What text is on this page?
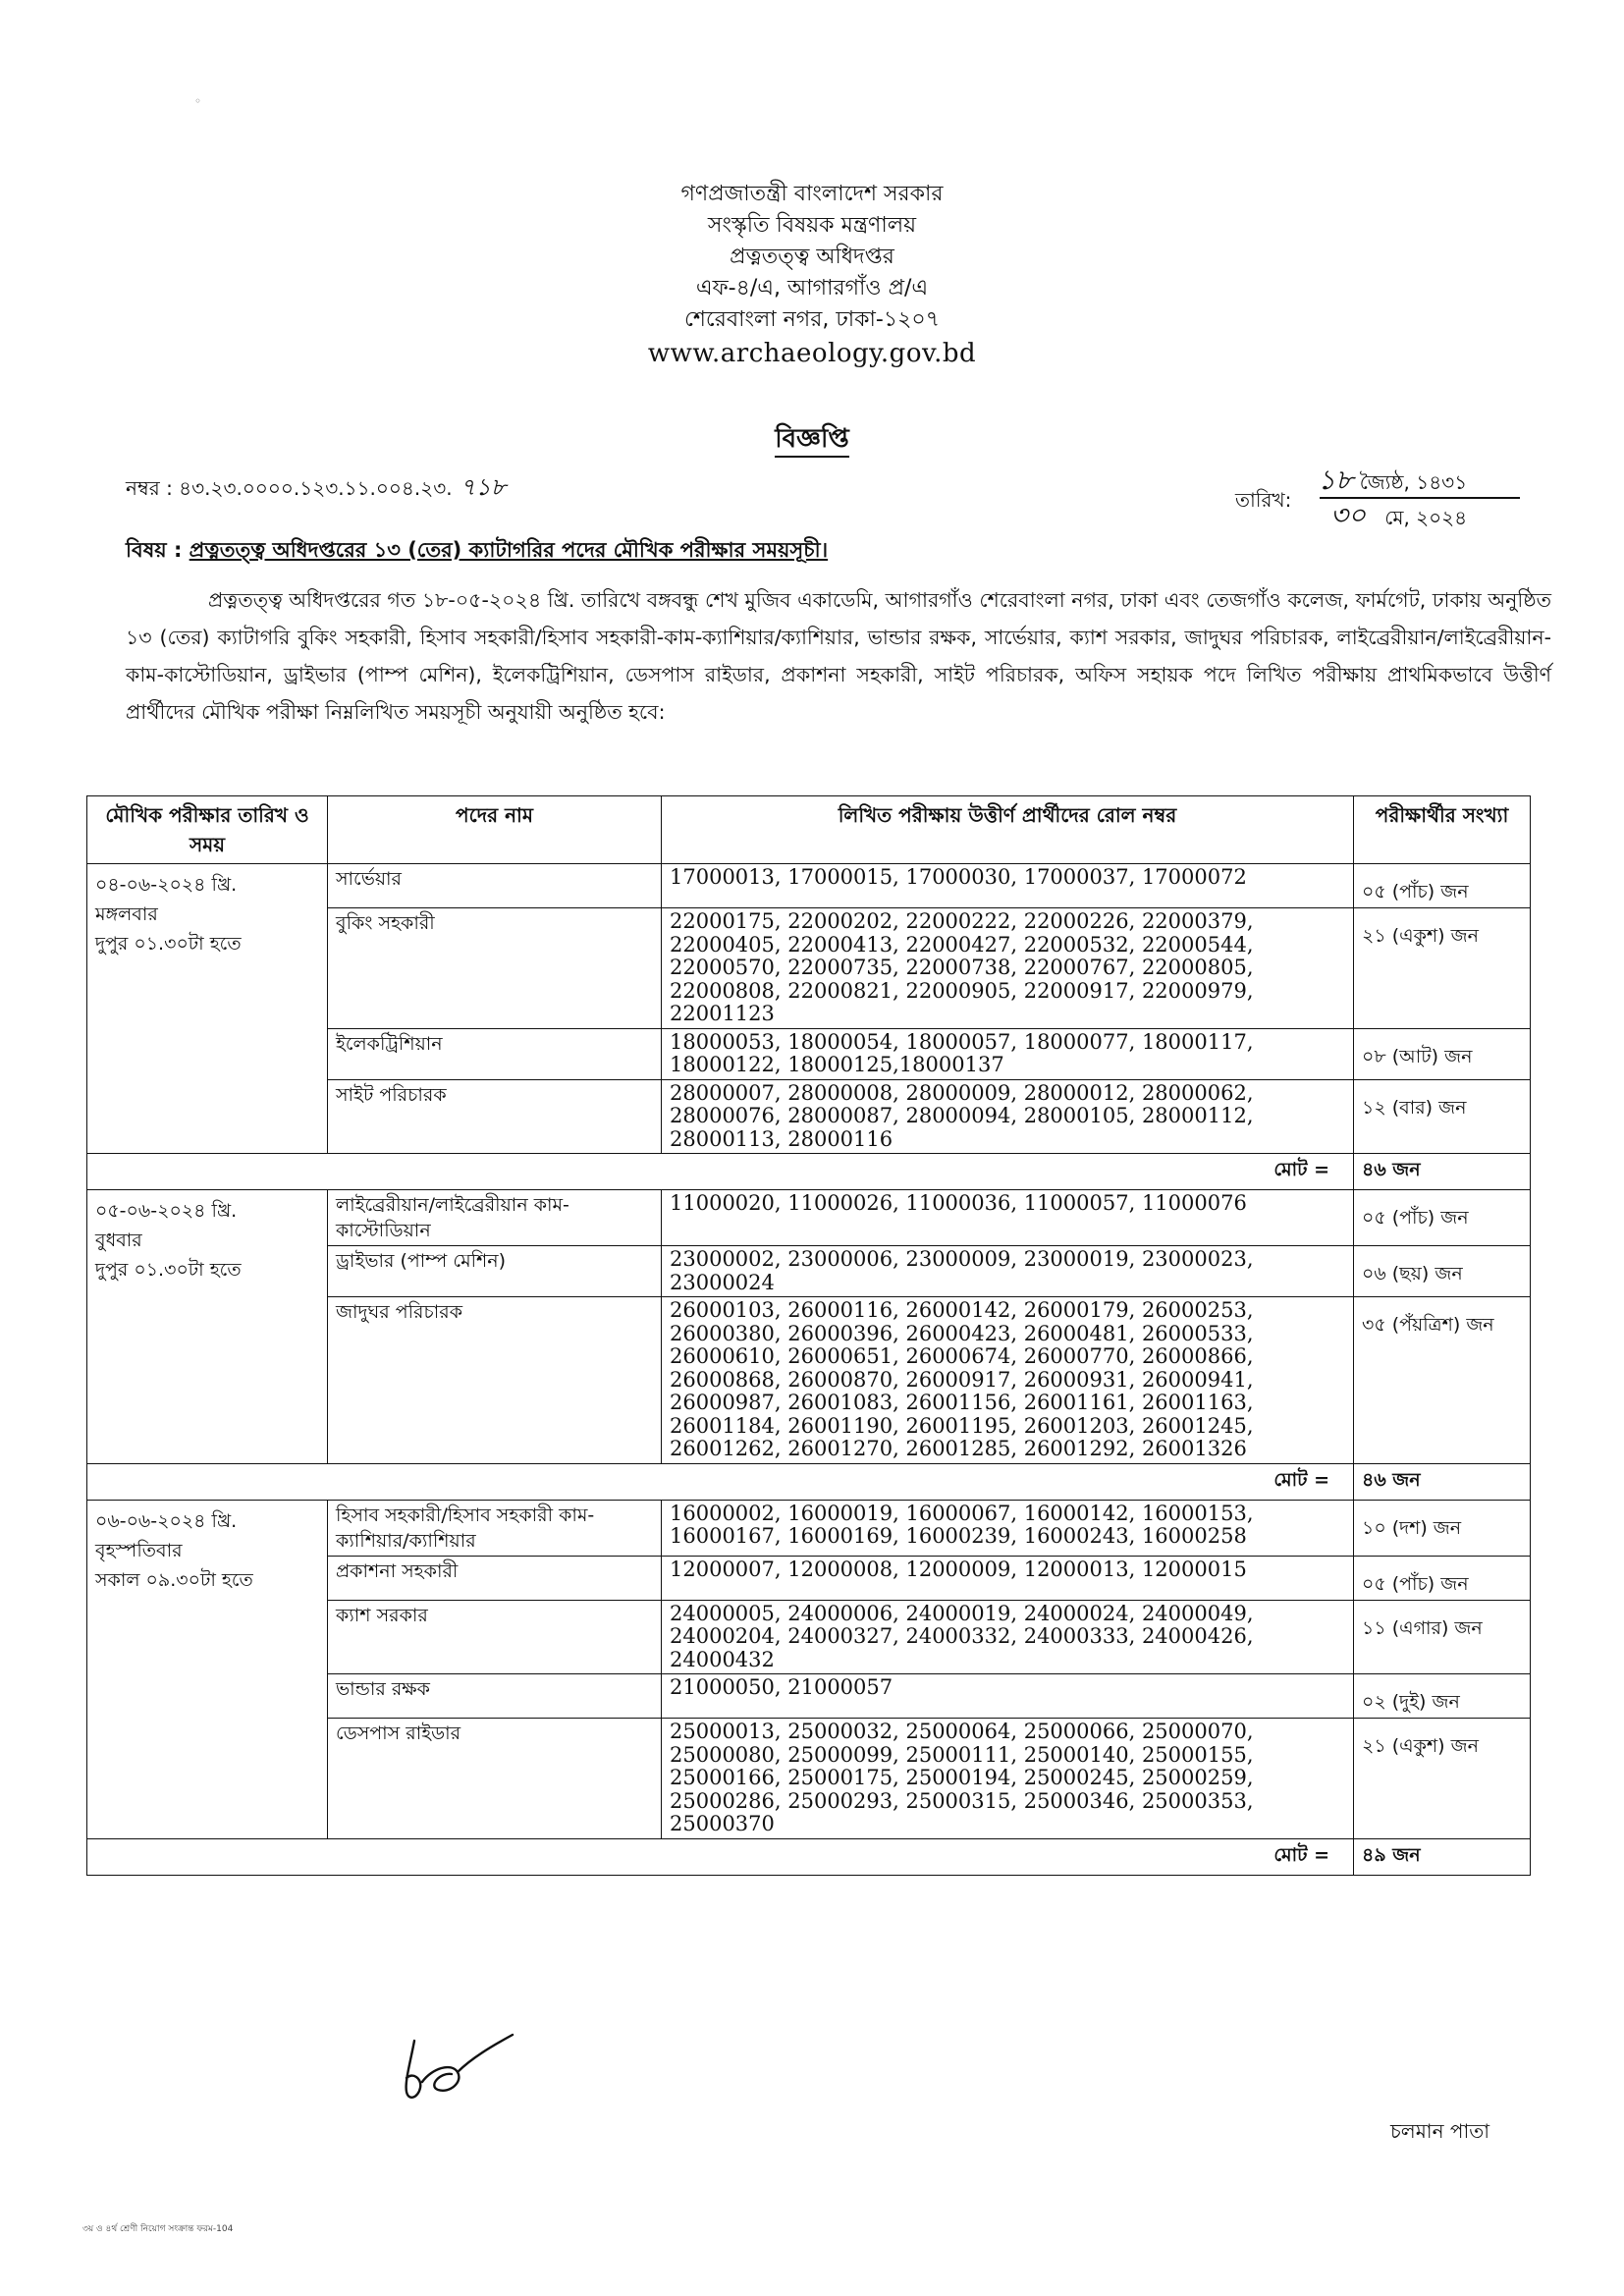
◦
গণপ্রজাতন্ত্রী বাংলাদেশ সরকার
সংস্কৃতি বিষয়ক মন্ত্রণালয়
প্রত্নতত্ত্ব অধিদপ্তর
এফ-৪/এ, আগারগাঁও প্র/এ
শেরেবাংলা নগর, ঢাকা-১২০৭
www.archaeology.gov.bd
বিজ্ঞপ্তি
নম্বর : ৪৩.২৩.০০০০.১২৩.১১.০০৪.২৩. ৭১৮	তারিখ:
১৮ জ্যৈষ্ঠ, ১৪৩১
৩০ মে, ২০২৪
বিষয় : প্রত্নতত্ত্ব অধিদপ্তরের ১৩ (তের) ক্যাটাগরির পদের মৌখিক পরীক্ষার সময়সূচী।
প্রত্নতত্ত্ব অধিদপ্তরের গত ১৮-০৫-২০২৪ খ্রি. তারিখে বঙ্গবন্ধু শেখ মুজিব একাডেমি, আগারগাঁও শেরেবাংলা নগর, ঢাকা এবং তেজগাঁও কলেজ, ফার্মগেট, ঢাকায় অনুষ্ঠিত ১৩ (তের) ক্যাটাগরি বুকিং সহকারী, হিসাব সহকারী/হিসাব সহকারী-কাম-ক্যাশিয়ার/ক্যাশিয়ার, ভান্ডার রক্ষক, সার্ভেয়ার, ক্যাশ সরকার, জাদুঘর পরিচারক, লাইব্রেরীয়ান/লাইব্রেরীয়ান-কাম-কাস্টোডিয়ান, ড্রাইভার (পাম্প মেশিন), ইলেকট্রিশিয়ান, ডেসপাস রাইডার, প্রকাশনা সহকারী, সাইট পরিচারক, অফিস সহায়ক পদে লিখিত পরীক্ষায় প্রাথমিকভাবে উত্তীর্ণ প্রার্থীদের মৌখিক পরীক্ষা নিম্নলিখিত সময়সূচী অনুযায়ী অনুষ্ঠিত হবে:
মৌখিক পরীক্ষার তারিখ ও সময়	পদের নাম	লিখিত পরীক্ষায় উত্তীর্ণ প্রার্থীদের রোল নম্বর	পরীক্ষার্থীর সংখ্যা

০৪-০৬-২০২৪ খ্রি.
মঙ্গলবার
দুপুর ০১.৩০টা হতে	সার্ভেয়ার	17000013, 17000015, 17000030, 17000037, 17000072	০৫ (পাঁচ) জন
	বুকিং সহকারী	22000175, 22000202, 22000222, 22000226, 22000379, 22000405, 22000413, 22000427, 22000532, 22000544, 22000570, 22000735, 22000738, 22000767, 22000805, 22000808, 22000821, 22000905, 22000917, 22000979, 22001123	২১ (একুশ) জন
	ইলেকট্রিশিয়ান	18000053, 18000054, 18000057, 18000077, 18000117, 18000122, 18000125,18000137	০৮ (আট) জন
	সাইট পরিচারক	28000007, 28000008, 28000009, 28000012, 28000062, 28000076, 28000087, 28000094, 28000105, 28000112, 28000113, 28000116	১২ (বার) জন
		মোট =	৪৬ জন

০৫-০৬-২০২৪ খ্রি.
বুধবার
দুপুর ০১.৩০টা হতে	লাইব্রেরীয়ান/লাইব্রেরীয়ান কাম-কাস্টোডিয়ান	11000020, 11000026, 11000036, 11000057, 11000076	০৫ (পাঁচ) জন
	ড্রাইভার (পাম্প মেশিন)	23000002, 23000006, 23000009, 23000019, 23000023, 23000024	০৬ (ছয়) জন
	জাদুঘর পরিচারক	26000103, 26000116, 26000142, 26000179, 26000253, 26000380, 26000396, 26000423, 26000481, 26000533, 26000610, 26000651, 26000674, 26000770, 26000866, 26000868, 26000870, 26000917, 26000931, 26000941, 26000987, 26001083, 26001156, 26001161, 26001163, 26001184, 26001190, 26001195, 26001203, 26001245, 26001262, 26001270, 26001285, 26001292, 26001326	৩৫ (পঁয়ত্রিশ) জন
		মোট =	৪৬ জন

০৬-০৬-২০২৪ খ্রি.
বৃহস্পতিবার
সকাল ০৯.৩০টা হতে	হিসাব সহকারী/হিসাব সহকারী কাম-ক্যাশিয়ার/ক্যাশিয়ার	16000002, 16000019, 16000067, 16000142, 16000153, 16000167, 16000169, 16000239, 16000243, 16000258	১০ (দশ) জন
	প্রকাশনা সহকারী	12000007, 12000008, 12000009, 12000013, 12000015	০৫ (পাঁচ) জন
	ক্যাশ সরকার	24000005, 24000006, 24000019, 24000024, 24000049, 24000204, 24000327, 24000332, 24000333, 24000426, 24000432	১১ (এগার) জন
	ভান্ডার রক্ষক	21000050, 21000057	০২ (দুই) জন
	ডেসপাস রাইডার	25000013, 25000032, 25000064, 25000066, 25000070, 25000080, 25000099, 25000111, 25000140, 25000155, 25000166, 25000175, 25000194, 25000245, 25000259, 25000286, 25000293, 25000315, 25000346, 25000353, 25000370	২১ (একুশ) জন
		মোট =	৪৯ জন
চলমান পাতা
৩য় ও ৪র্থ শ্রেণী নিয়োগ সংক্রান্ত ফরম-104
